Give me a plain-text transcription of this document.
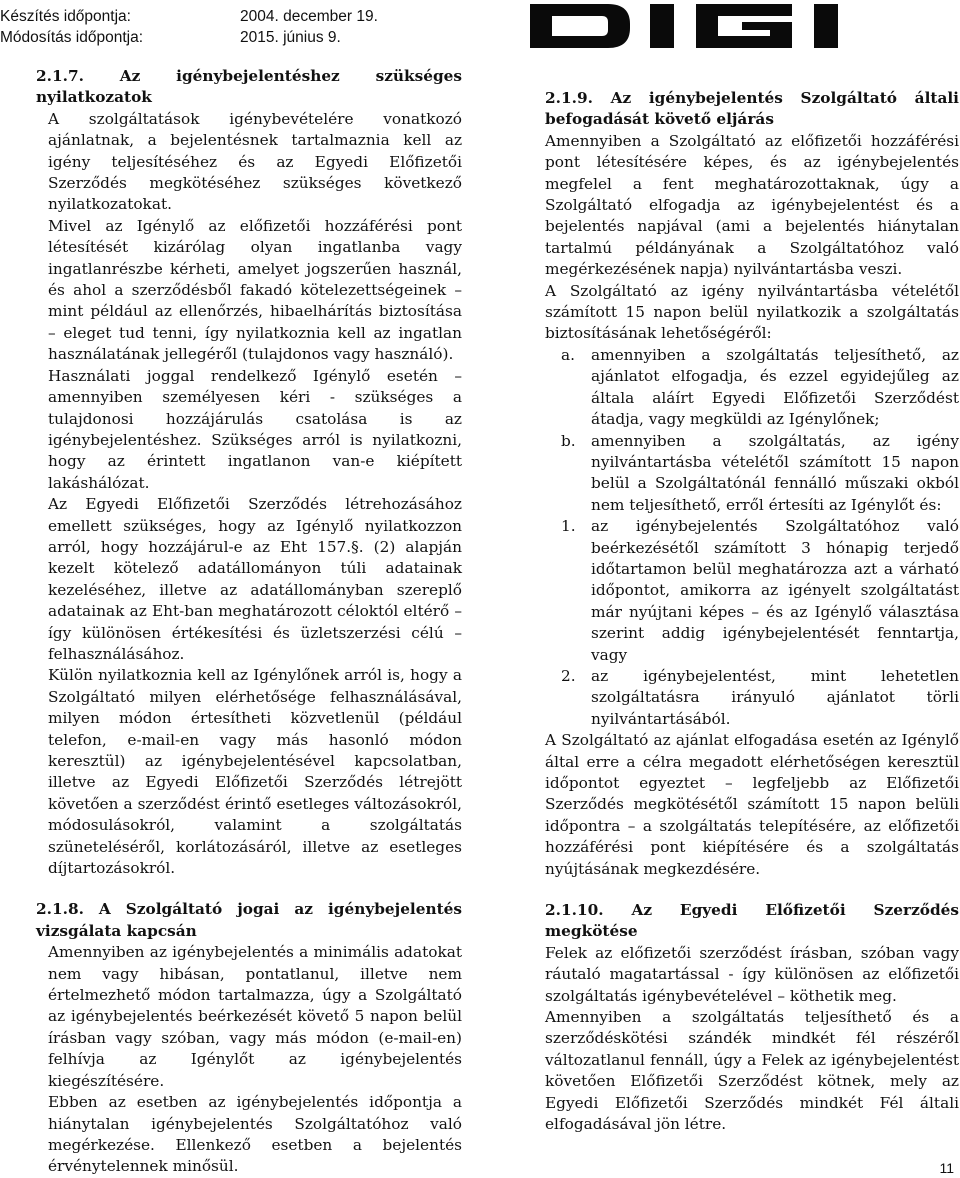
Készítés időpontja:	2004. december 19.
Módosítás időpontja:	2015. június 9.
2.1.7. Az igénybejelentéshez szükséges nyilatkozatok

A szolgáltatások igénybevételére vonatkozó ajánlatnak, a bejelentésnek tartalmaznia kell az igény teljesítéséhez és az Egyedi Előfizetői Szerződés megkötéséhez szükséges következő nyilatkozatokat.

Mivel az Igénylő az előfizetői hozzáférési pont létesítését kizárólag olyan ingatlanba vagy ingatlanrészbe kérheti, amelyet jogszerűen használ, és ahol a szerződésből fakadó kötelezettségeinek – mint például az ellenőrzés, hibaelhárítás biztosítása – eleget tud tenni, így nyilatkoznia kell az ingatlan használatának jellegéről (tulajdonos vagy használó).

Használati joggal rendelkező Igénylő esetén – amennyiben személyesen kéri - szükséges a tulajdonosi hozzájárulás csatolása is az igénybejelentéshez. Szükséges arról is nyilatkozni, hogy az érintett ingatlanon van-e kiépített lakáshálózat.

Az Egyedi Előfizetői Szerződés létrehozásához emellett szükséges, hogy az Igénylő nyilatkozzon arról, hogy hozzájárul-e az Eht 157.§. (2) alapján kezelt kötelező adatállományon túli adatainak kezeléséhez, illetve az adatállományban szereplő adatainak az Eht-ban meghatározott céloktól eltérő – így különösen értékesítési és üzletszerzési célú – felhasználásához.

Külön nyilatkoznia kell az Igénylőnek arról is, hogy a Szolgáltató milyen elérhetősége felhasználásával, milyen módon értesítheti közvetlenül (például telefon, e-mail-en vagy más hasonló módon keresztül) az igénybejelentésével kapcsolatban, illetve az Egyedi Előfizetői Szerződés létrejött követően a szerződést érintő esetleges változásokról, módosulásokról, valamint a szolgáltatás szüneteléséről, korlátozásáról, illetve az esetleges díjtartozásokról.

2.1.8. A Szolgáltató jogai az igénybejelentés vizsgálata kapcsán

Amennyiben az igénybejelentés a minimális adatokat nem vagy hibásan, pontatlanul, illetve nem értelmezhető módon tartalmazza, úgy a Szolgáltató az igénybejelentés beérkezését követő 5 napon belül írásban vagy szóban, vagy más módon (e-mail-en) felhívja az Igénylőt az igénybejelentés kiegészítésére.

Ebben az esetben az igénybejelentés időpontja a hiánytalan igénybejelentés Szolgáltatóhoz való megérkezése. Ellenkező esetben a bejelentés érvénytelennek minősül.

2.1.9. Az igénybejelentés Szolgáltató általi befogadását követő eljárás

Amennyiben a Szolgáltató az előfizetői hozzáférési pont létesítésére képes, és az igénybejelentés megfelel a fent meghatározottaknak, úgy a Szolgáltató elfogadja az igénybejelentést és a bejelentés napjával (ami a bejelentés hiánytalan tartalmú példányának a Szolgáltatóhoz való megérkezésének napja) nyilvántartásba veszi.

A Szolgáltató az igény nyilvántartásba vételétől számított 15 napon belül nyilatkozik a szolgáltatás biztosításának lehetőségéről:

a.	amennyiben a szolgáltatás teljesíthető, az ajánlatot elfogadja, és ezzel egyidejűleg az általa aláírt Egyedi Előfizetői Szerződést átadja, vagy megküldi az Igénylőnek;
b.	amennyiben a szolgáltatás, az igény nyilvántartásba vételétől számított 15 napon belül a Szolgáltatónál fennálló műszaki okból nem teljesíthető, erről értesíti az Igénylőt és:
1.	az igénybejelentés Szolgáltatóhoz való beérkezésétől számított 3 hónapig terjedő időtartamon belül meghatározza azt a várható időpontot, amikorra az igényelt szolgáltatást már nyújtani képes – és az Igénylő választása szerint addig igénybejelentését fenntartja, vagy
2.	az igénybejelentést, mint lehetetlen szolgáltatásra irányuló ajánlatot törli nyilvántartásából.

A Szolgáltató az ajánlat elfogadása esetén az Igénylő által erre a célra megadott elérhetőségen keresztül időpontot egyeztet – legfeljebb az Előfizetői Szerződés megkötésétől számított 15 napon belüli időpontra – a szolgáltatás telepítésére, az előfizetői hozzáférési pont kiépítésére és a szolgáltatás nyújtásának megkezdésére.

2.1.10. Az Egyedi Előfizetői Szerződés megkötése

Felek az előfizetői szerződést írásban, szóban vagy ráutaló magatartással - így különösen az előfizetői szolgáltatás igénybevételével – köthetik meg.

Amennyiben a szolgáltatás teljesíthető és a szerződéskötési szándék mindkét fél részéről változatlanul fennáll, úgy a Felek az igénybejelentést követően Előfizetői Szerződést kötnek, mely az Egyedi Előfizetői Szerződés mindkét Fél általi elfogadásával jön létre.

11
